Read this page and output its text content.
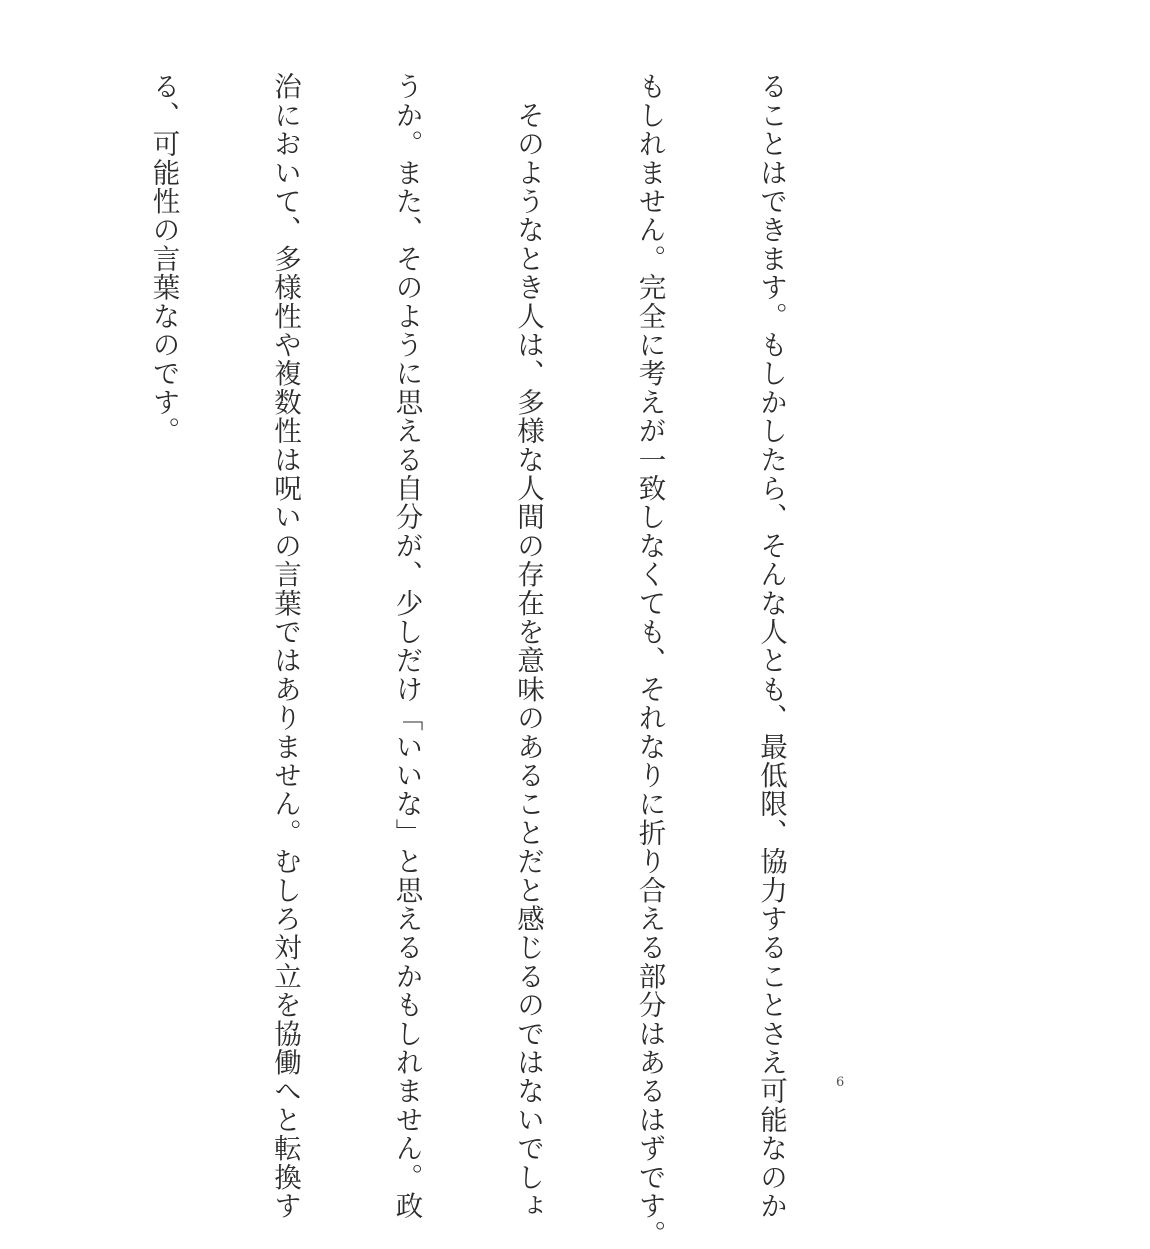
ることはできます。もしかしたら、そんな人とも、最低限、協力することさえ可能なのか

もしれません。完全に考えが一致しなくても、それなりに折り合える部分はあるはずです。

　そのようなとき人は、多様な人間の存在を意味のあることだと感じるのではないでしょ

うか。また、そのように思える自分が、少しだけ「いいな」と思えるかもしれません。政

治において、多様性や複数性は呪いの言葉ではありません。むしろ対立を協働へと転換す

る、可能性の言葉なのです。

6
